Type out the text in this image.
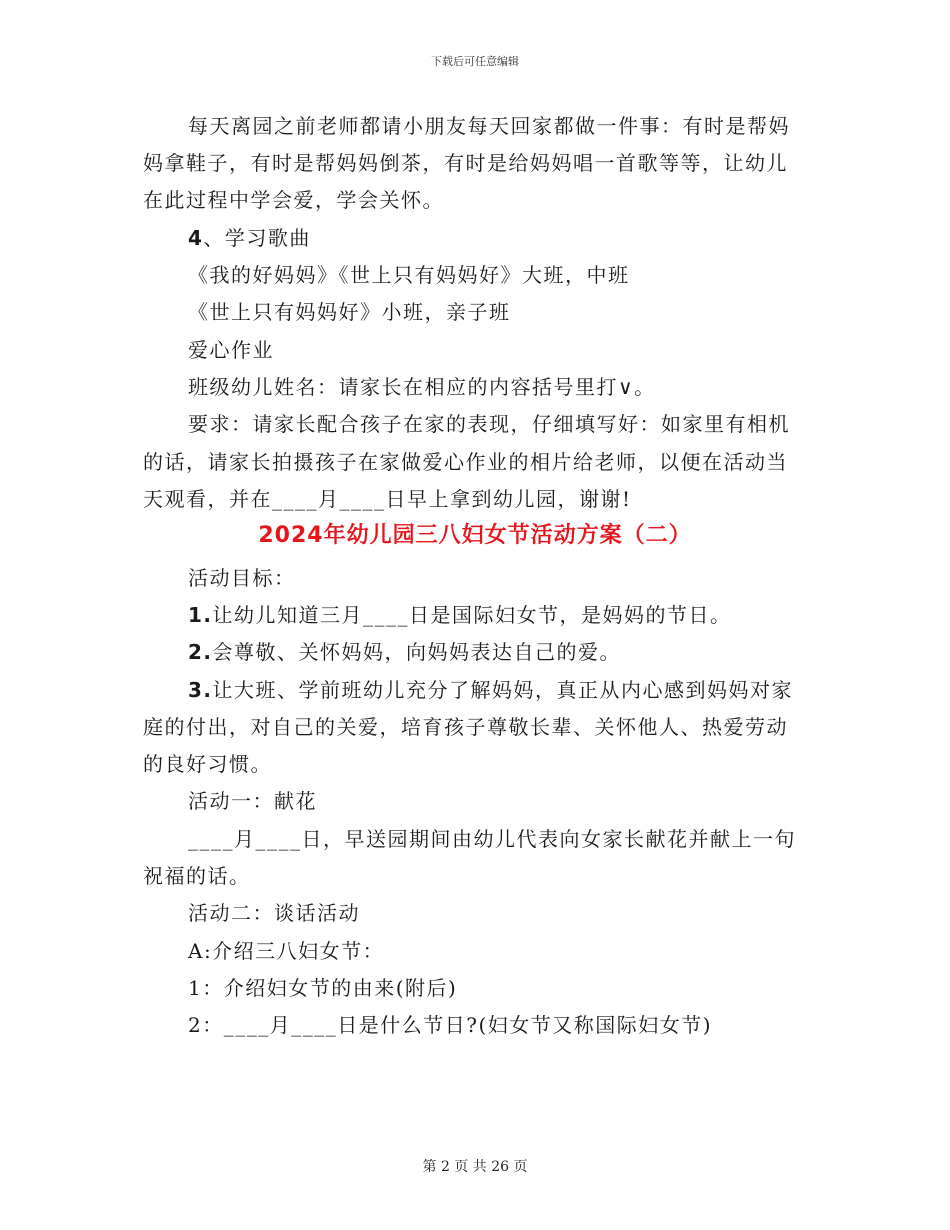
下载后可任意编辑
每天离园之前老师都请小朋友每天回家都做一件事：有时是帮妈
妈拿鞋子，有时是帮妈妈倒茶，有时是给妈妈唱一首歌等等，让幼儿
在此过程中学会爱，学会关怀。
4、学习歌曲
《我的好妈妈》《世上只有妈妈好》大班，中班
《世上只有妈妈好》小班，亲子班
爱心作业
班级幼儿姓名：请家长在相应的内容括号里打∨。
要求：请家长配合孩子在家的表现，仔细填写好：如家里有相机
的话，请家长拍摄孩子在家做爱心作业的相片给老师，以便在活动当
天观看，并在____月____日早上拿到幼儿园，谢谢!
2024年幼儿园三八妇女节活动方案（二）
活动目标：
1.让幼儿知道三月____日是国际妇女节，是妈妈的节日。
2.会尊敬、关怀妈妈，向妈妈表达自己的爱。
3.让大班、学前班幼儿充分了解妈妈，真正从内心感到妈妈对家
庭的付出，对自己的关爱，培育孩子尊敬长辈、关怀他人、热爱劳动
的良好习惯。
活动一：献花
____月____日，早送园期间由幼儿代表向女家长献花并献上一句
祝福的话。
活动二：谈话活动
A:介绍三八妇女节：
1：介绍妇女节的由来(附后)
2：____月____日是什么节日?(妇女节又称国际妇女节)
第 2 页 共 26 页
